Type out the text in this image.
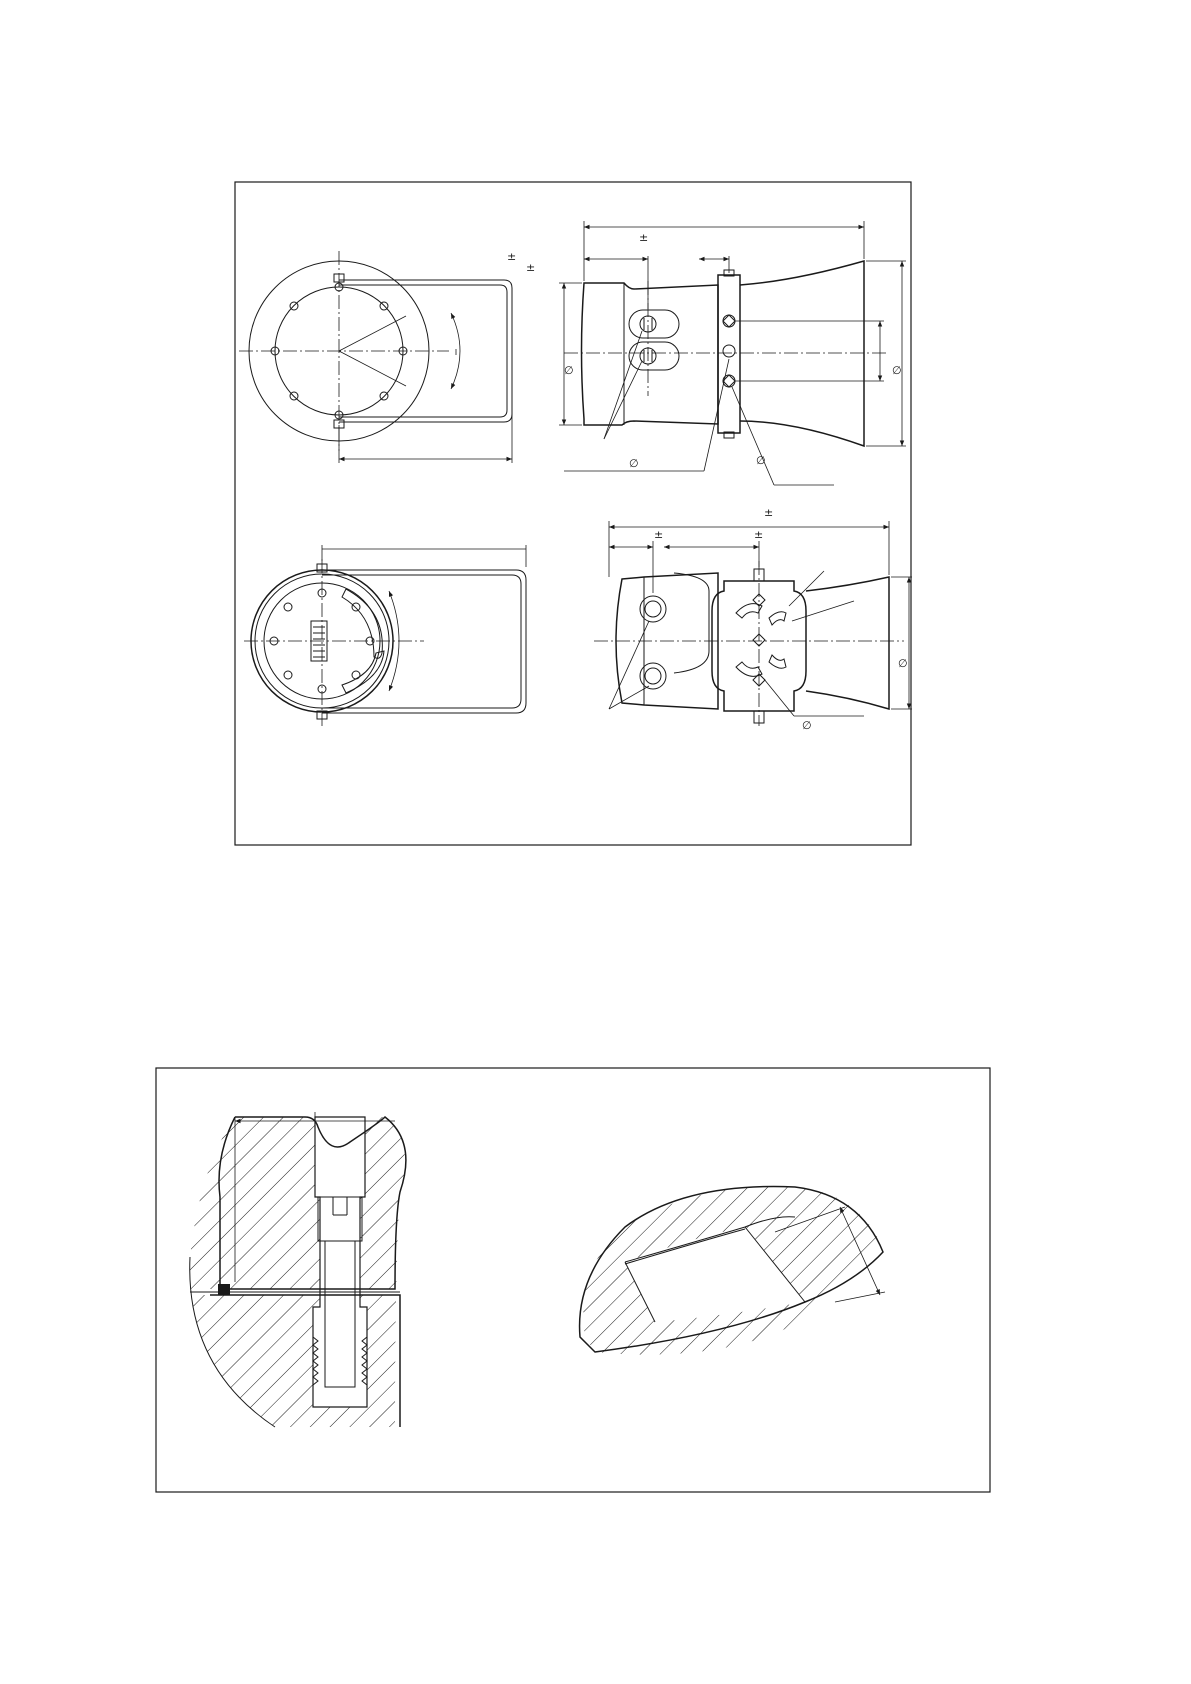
±
±
∅	∅
∅	∅
±
±	±
±
∅
∅
